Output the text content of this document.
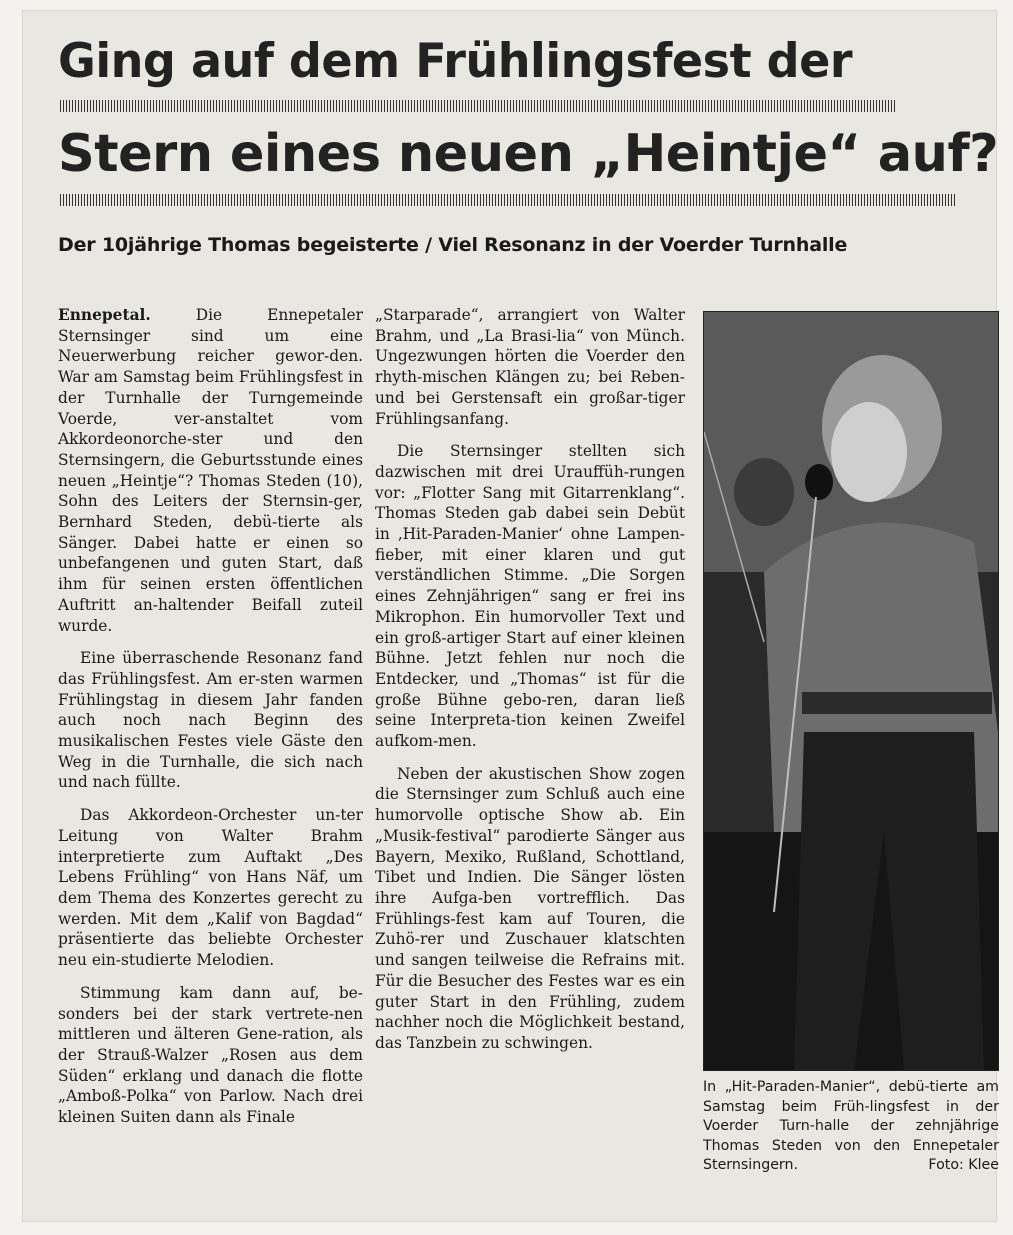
Ging auf dem Frühlingsfest der
Stern eines neuen „Heintje“ auf?
Der 10jährige Thomas begeisterte / Viel Resonanz in der Voerder Turnhalle

Ennepetal.	Die Ennepetaler Sternsinger sind um eine Neuerwerbung reicher gewor-den. War am Samstag beim Frühlingsfest in der Turnhalle der Turngemeinde Voerde, ver-anstaltet vom Akkordeonorche-ster und den Sternsingern, die Geburtsstunde eines neuen „Heintje“? Thomas Steden (10), Sohn des Leiters der Sternsin-ger, Bernhard Steden, debü-tierte als Sänger. Dabei hatte er einen so unbefangenen und guten Start, daß ihm für seinen ersten öffentlichen Auftritt an-haltender Beifall zuteil wurde.

Eine überraschende Resonanz fand das Frühlingsfest. Am er-sten warmen Frühlingstag in diesem Jahr fanden auch noch nach Beginn des musikalischen Festes viele Gäste den Weg in die Turnhalle, die sich nach und nach füllte.

Das Akkordeon-Orchester un-ter Leitung von Walter Brahm interpretierte zum Auftakt „Des Lebens Frühling“ von Hans Näf, um dem Thema des Konzertes gerecht zu werden. Mit dem „Kalif von Bagdad“ präsentierte das beliebte Orchester neu ein-studierte Melodien.

Stimmung kam dann auf, be-sonders bei der stark vertrete-nen mittleren und älteren Gene-ration, als der Strauß-Walzer „Rosen aus dem Süden“ erklang und danach die flotte „Amboß-Polka“ von Parlow. Nach drei kleinen Suiten dann als Finale

„Starparade“, arrangiert von Walter Brahm, und „La Brasi-lia“ von Münch. Ungezwungen hörten die Voerder den rhyth-mischen Klängen zu; bei Reben- und bei Gerstensaft ein großar-tiger Frühlingsanfang.

Die Sternsinger stellten sich dazwischen mit drei Urauffüh-rungen vor: „Flotter Sang mit Gitarrenklang“. Thomas Steden gab dabei sein Debüt in ‚Hit-Paraden-Manier‘ ohne Lampen-fieber, mit einer klaren und gut verständlichen Stimme. „Die Sorgen eines Zehnjährigen“ sang er frei ins Mikrophon. Ein humorvoller Text und ein groß-artiger Start auf einer kleinen Bühne. Jetzt fehlen nur noch die Entdecker, und „Thomas“ ist für die große Bühne gebo-ren, daran ließ seine Interpreta-tion keinen Zweifel aufkom-men.

Neben der akustischen Show zogen die Sternsinger zum Schluß auch eine humorvolle optische Show ab. Ein „Musik-festival“ parodierte Sänger aus Bayern, Mexiko, Rußland, Schottland, Tibet und Indien. Die Sänger lösten ihre Aufga-ben vortrefflich. Das Frühlings-fest kam auf Touren, die Zuhö-rer und Zuschauer klatschten und sangen teilweise die Refrains mit. Für die Besucher des Festes war es ein guter Start in den Frühling, zudem nachher noch die Möglichkeit bestand, das Tanzbein zu schwingen.

In „Hit-Paraden-Manier“, debü-tierte am Samstag beim Früh-lingsfest in der Voerder Turn-halle der zehnjährige Thomas Steden von den Ennepetaler Sternsingern.	Foto: Klee
